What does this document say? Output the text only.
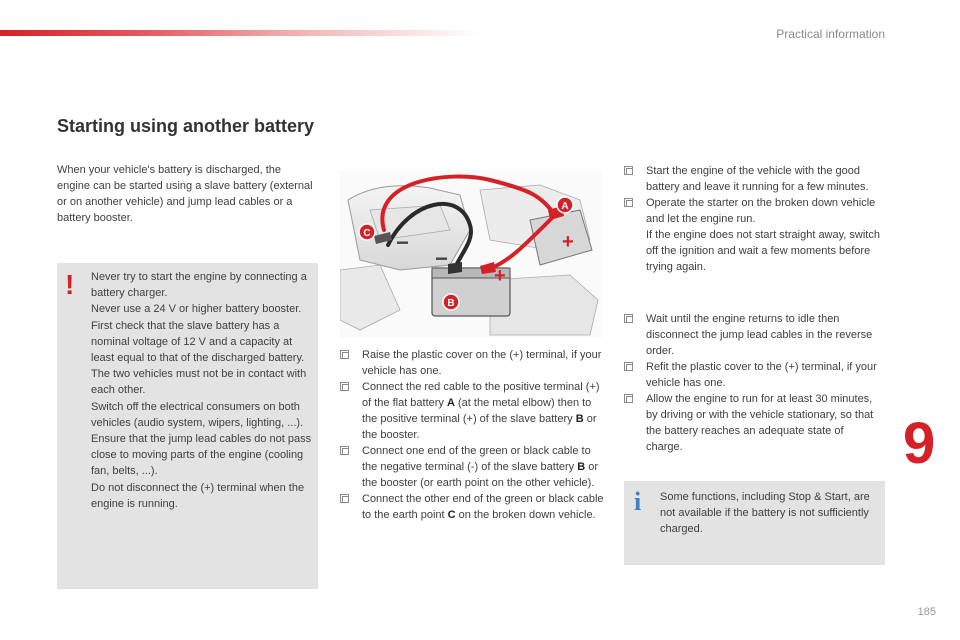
Practical information
Starting using another battery
When your vehicle's battery is discharged, the engine can be started using a slave battery (external or on another vehicle) and jump lead cables or a battery booster.
! Never try to start the engine by connecting a battery charger.
Never use a 24 V or higher battery booster.
First check that the slave battery has a nominal voltage of 12 V and a capacity at least equal to that of the discharged battery.
The two vehicles must not be in contact with each other.
Switch off the electrical consumers on both vehicles (audio system, wipers, lighting, ...).
Ensure that the jump lead cables do not pass close to moving parts of the engine (cooling fan, belts, ...).
Do not disconnect the (+) terminal when the engine is running.
−
−
+
+
C
A
B
Raise the plastic cover on the (+) terminal, if your vehicle has one.
Connect the red cable to the positive terminal (+) of the flat battery A (at the metal elbow) then to the positive terminal (+) of the slave battery B or the booster.
Connect one end of the green or black cable to the negative terminal (-) of the slave battery B or the booster (or earth point on the other vehicle).
Connect the other end of the green or black cable to the earth point C on the broken down vehicle.
Start the engine of the vehicle with the good battery and leave it running for a few minutes.
Operate the starter on the broken down vehicle and let the engine run.
If the engine does not start straight away, switch off the ignition and wait a few moments before trying again.
Wait until the engine returns to idle then disconnect the jump lead cables in the reverse order.
Refit the plastic cover to the (+) terminal, if your vehicle has one.
Allow the engine to run for at least 30 minutes, by driving or with the vehicle stationary, so that the battery reaches an adequate state of charge.
i Some functions, including Stop & Start, are not available if the battery is not sufficiently charged.
9
185
